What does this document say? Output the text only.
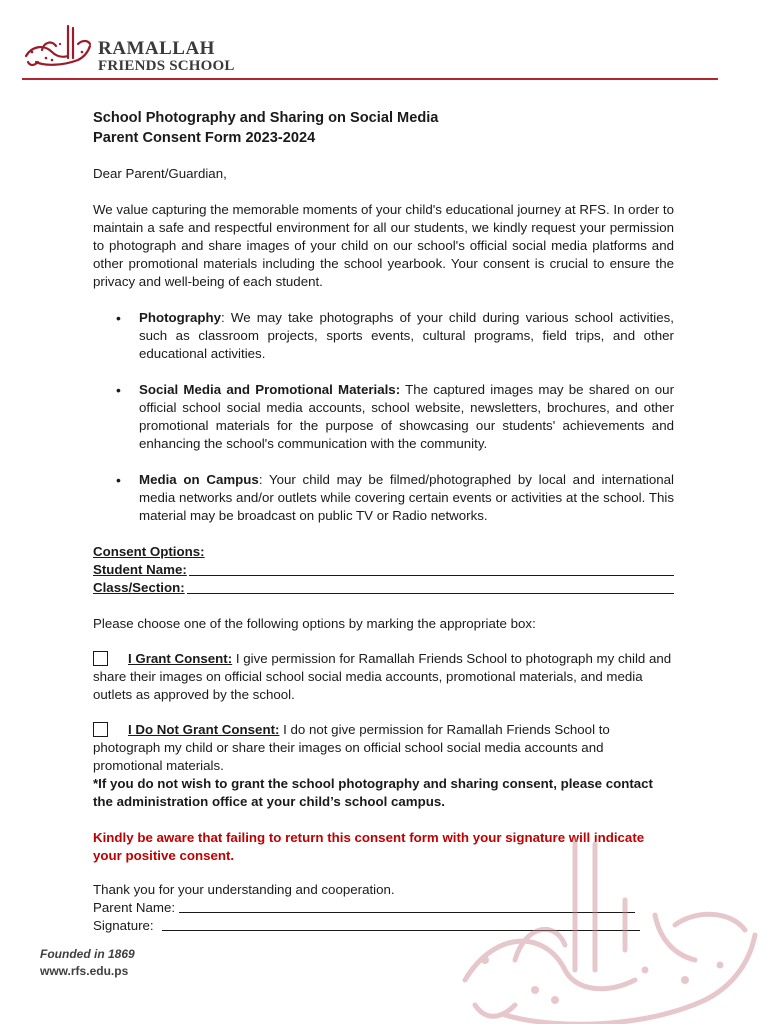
RAMALLAH
FRIENDS SCHOOL
School Photography and Sharing on Social Media
Parent Consent Form 2023-2024

Dear Parent/Guardian,

We value capturing the memorable moments of your child's educational journey at RFS. In order to maintain a safe and respectful environment for all our students, we kindly request your permission to photograph and share images of your child on our school's official social media platforms and other promotional materials including the school yearbook. Your consent is crucial to ensure the privacy and well-being of each student.

• Photography: We may take photographs of your child during various school activities, such as classroom projects, sports events, cultural programs, field trips, and other educational activities.
• Social Media and Promotional Materials: The captured images may be shared on our official school social media accounts, school website, newsletters, brochures, and other promotional materials for the purpose of showcasing our students' achievements and enhancing the school's communication with the community.
• Media on Campus: Your child may be filmed/photographed by local and international media networks and/or outlets while covering certain events or activities at the school. This material may be broadcast on public TV or Radio networks.
Consent Options:
Student Name:
Class/Section:

Please choose one of the following options by marking the appropriate box:

I Grant Consent: I give permission for Ramallah Friends School to photograph my child and share their images on official school social media accounts, promotional materials, and media outlets as approved by the school.

I Do Not Grant Consent: I do not give permission for Ramallah Friends School to photograph my child or share their images on official school social media accounts and promotional materials.

*If you do not wish to grant the school photography and sharing consent, please contact the administration office at your child’s school campus.

Kindly be aware that failing to return this consent form with your signature will indicate your positive consent.

Thank you for your understanding and cooperation.

Parent Name:
Signature:
Founded in 1869
www.rfs.edu.ps
